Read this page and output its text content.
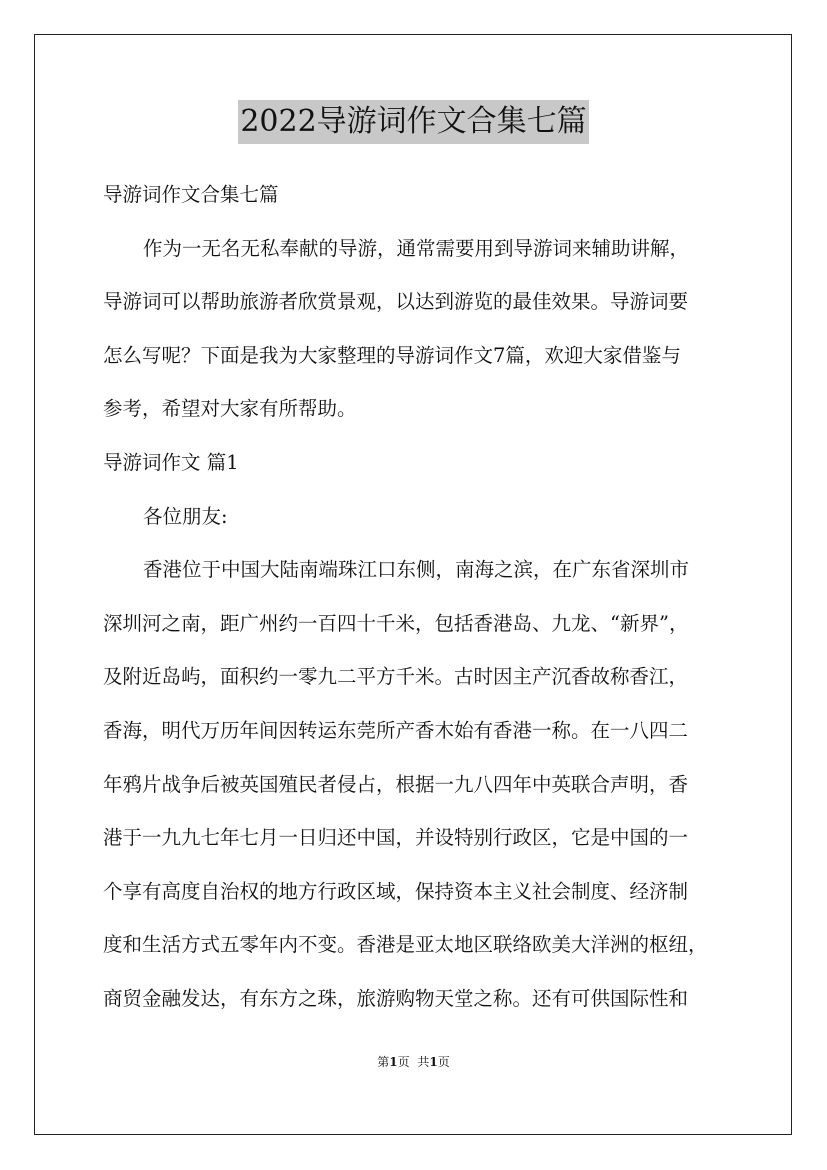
2022导游词作文合集七篇
导游词作文合集七篇
作为一无名无私奉献的导游，通常需要用到导游词来辅助讲解，
导游词可以帮助旅游者欣赏景观，以达到游览的最佳效果。导游词要
怎么写呢？下面是我为大家整理的导游词作文7篇，欢迎大家借鉴与
参考，希望对大家有所帮助。
导游词作文 篇1
各位朋友:
香港位于中国大陆南端珠江口东侧，南海之滨，在广东省深圳市
深圳河之南，距广州约一百四十千米，包括香港岛、九龙、“新界”，
及附近岛屿，面积约一零九二平方千米。古时因主产沉香故称香江，
香海，明代万历年间因转运东莞所产香木始有香港一称。在一八四二
年鸦片战争后被英国殖民者侵占，根据一九八四年中英联合声明，香
港于一九九七年七月一日归还中国，并设特别行政区，它是中国的一
个享有高度自治权的地方行政区域，保持资本主义社会制度、经济制
度和生活方式五零年内不变。香港是亚太地区联络欧美大洋洲的枢纽，
商贸金融发达，有东方之珠，旅游购物天堂之称。还有可供国际性和
第1页 共1页
